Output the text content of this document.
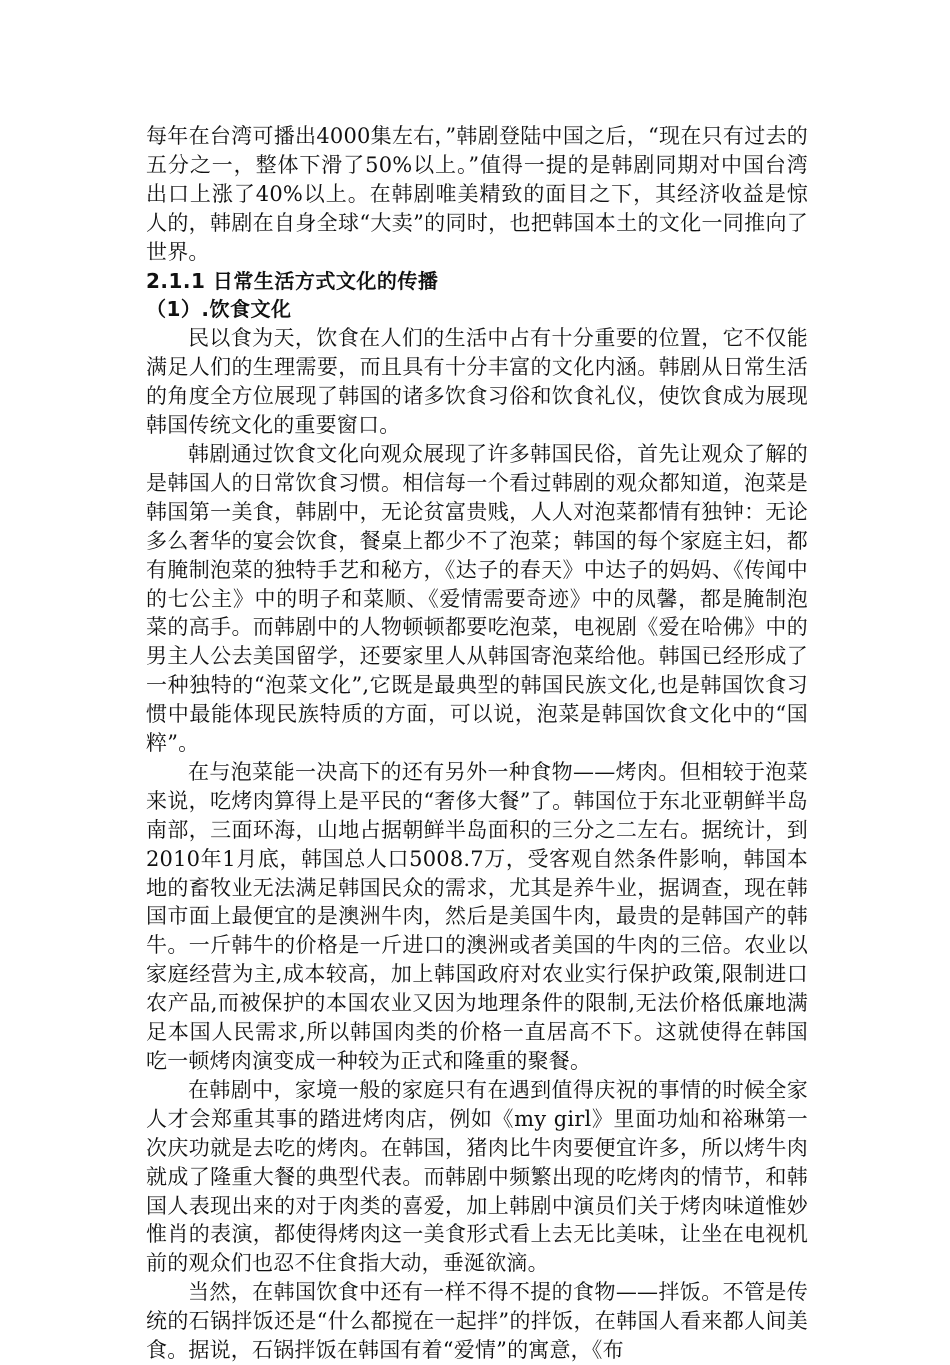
每年在台湾可播出4000集左右，”韩剧登陆中国之后，“现在只有过去的五分之一，整体下滑了50%以上。”值得一提的是韩剧同期对中国台湾出口上涨了40%以上。在韩剧唯美精致的面目之下，其经济收益是惊人的，韩剧在自身全球“大卖”的同时，也把韩国本土的文化一同推向了世界。

2.1.1 日常生活方式文化的传播
（1）.饮食文化

民以食为天，饮食在人们的生活中占有十分重要的位置，它不仅能满足人们的生理需要，而且具有十分丰富的文化内涵。韩剧从日常生活的角度全方位展现了韩国的诸多饮食习俗和饮食礼仪，使饮食成为展现韩国传统文化的重要窗口。

韩剧通过饮食文化向观众展现了许多韩国民俗，首先让观众了解的是韩国人的日常饮食习惯。相信每一个看过韩剧的观众都知道，泡菜是韩国第一美食，韩剧中，无论贫富贵贱，人人对泡菜都情有独钟：无论多么奢华的宴会饮食，餐桌上都少不了泡菜；韩国的每个家庭主妇，都有腌制泡菜的独特手艺和秘方，《达子的春天》中达子的妈妈、《传闻中的七公主》中的明子和菜顺、《爱情需要奇迹》中的凤馨，都是腌制泡菜的高手。而韩剧中的人物顿顿都要吃泡菜，电视剧《爱在哈佛》中的男主人公去美国留学，还要家里人从韩国寄泡菜给他。韩国已经形成了一种独特的“泡菜文化”,它既是最典型的韩国民族文化,也是韩国饮食习惯中最能体现民族特质的方面，可以说，泡菜是韩国饮食文化中的“国粹”。

在与泡菜能一决高下的还有另外一种食物——烤肉。但相较于泡菜来说，吃烤肉算得上是平民的“奢侈大餐”了。韩国位于东北亚朝鲜半岛南部，三面环海，山地占据朝鲜半岛面积的三分之二左右。据统计，到2010年1月底，韩国总人口5008.7万，受客观自然条件影响，韩国本地的畜牧业无法满足韩国民众的需求，尤其是养牛业，据调查，现在韩国市面上最便宜的是澳洲牛肉，然后是美国牛肉，最贵的是韩国产的韩牛。一斤韩牛的价格是一斤进口的澳洲或者美国的牛肉的三倍。农业以家庭经营为主,成本较高，加上韩国政府对农业实行保护政策,限制进口农产品,而被保护的本国农业又因为地理条件的限制,无法价格低廉地满足本国人民需求,所以韩国肉类的价格一直居高不下。这就使得在韩国吃一顿烤肉演变成一种较为正式和隆重的聚餐。

在韩剧中，家境一般的家庭只有在遇到值得庆祝的事情的时候全家人才会郑重其事的踏进烤肉店，例如《my girl》里面功灿和裕琳第一次庆功就是去吃的烤肉。在韩国，猪肉比牛肉要便宜许多，所以烤牛肉就成了隆重大餐的典型代表。而韩剧中频繁出现的吃烤肉的情节，和韩国人表现出来的对于肉类的喜爱，加上韩剧中演员们关于烤肉味道惟妙惟肖的表演，都使得烤肉这一美食形式看上去无比美味，让坐在电视机前的观众们也忍不住食指大动，垂涎欲滴。

当然，在韩国饮食中还有一样不得不提的食物——拌饭。不管是传统的石锅拌饭还是“什么都搅在一起拌”的拌饭，在韩国人看来都人间美食。据说，石锅拌饭在韩国有着“爱情”的寓意，《布
